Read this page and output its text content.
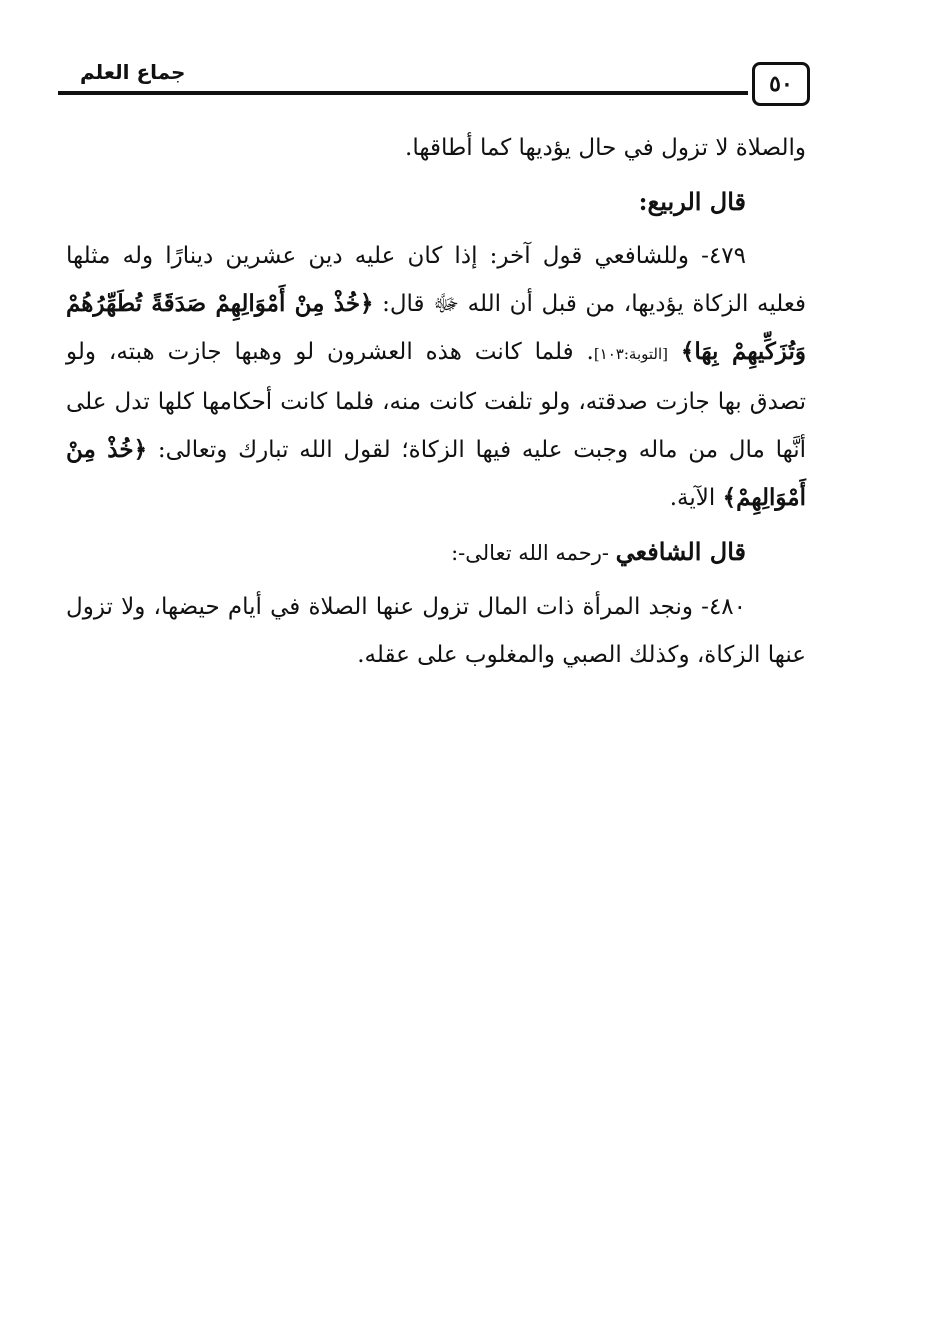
جماع العلم	٥٠

والصلاة لا تزول في حال يؤديها كما أطاقها.

قال الربيع:

٤٧٩- وللشافعي قول آخر: إذا كان عليه دين عشرين دينارًا وله مثلها فعليه الزكاة يؤديها، من قبل أن الله ﷻ قال: ﴿خُذْ مِنْ أَمْوَالِهِمْ صَدَقَةً تُطَهِّرُهُمْ وَتُزَكِّيهِمْ بِهَا﴾ [التوبة:١٠٣]. فلما كانت هذه العشرون لو وهبها جازت هبته، ولو تصدق بها جازت صدقته، ولو تلفت كانت منه، فلما كانت أحكامها كلها تدل على أنَّها مال من ماله وجبت عليه فيها الزكاة؛ لقول الله تبارك وتعالى: ﴿خُذْ مِنْ أَمْوَالِهِمْ﴾ الآية.

قال الشافعي -رحمه الله تعالى-:

٤٨٠- ونجد المرأة ذات المال تزول عنها الصلاة في أيام حيضها، ولا تزول عنها الزكاة، وكذلك الصبي والمغلوب على عقله.
